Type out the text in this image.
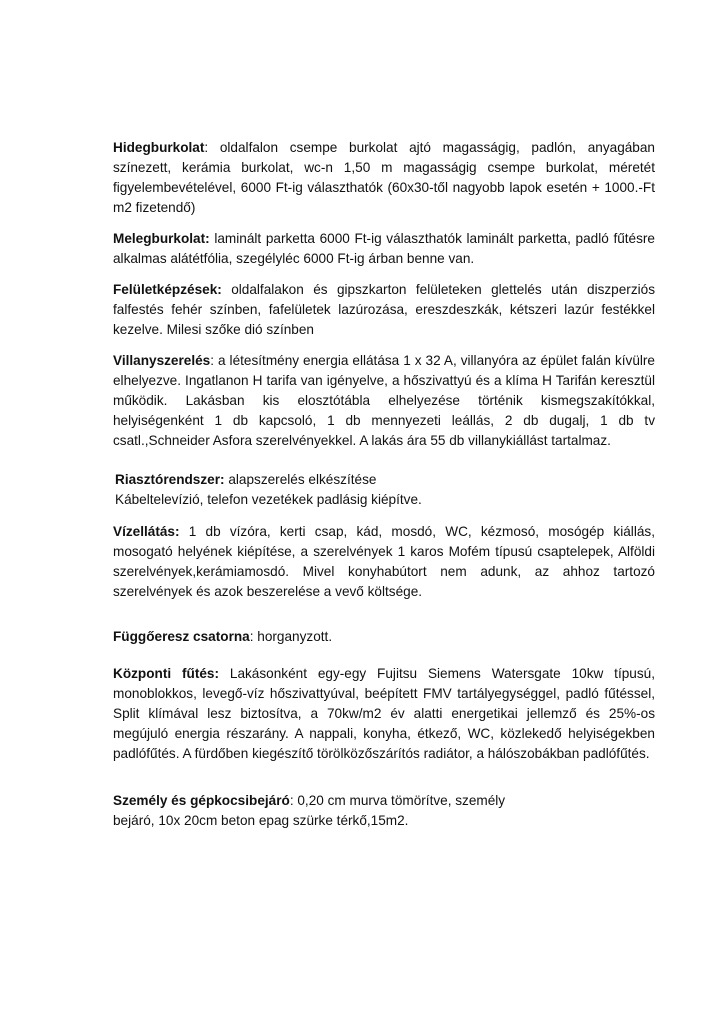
Hidegburkolat: oldalfalon csempe burkolat ajtó magasságig, padlón, anyagában színezett, kerámia burkolat, wc-n 1,50 m magasságig csempe burkolat, méretét figyelembevételével, 6000 Ft-ig választhatók (60x30-től nagyobb lapok esetén + 1000.-Ft m2 fizetendő)

Melegburkolat: laminált parketta 6000 Ft-ig választhatók laminált parketta, padló fűtésre alkalmas alátétfólia, szegélyléc 6000 Ft-ig árban benne van.

Felületképzések: oldalfalakon és gipszkarton felületeken glettelés után diszperziós falfestés fehér színben, fafelületek lazúrozása, ereszdeszkák, kétszeri lazúr festékkel kezelve. Milesi szőke dió színben

Villanyszerelés: a létesítmény energia ellátása 1 x 32 A, villanyóra az épület falán kívülre elhelyezve. Ingatlanon H tarifa van igényelve, a hőszivattyú és a klíma H Tarifán keresztül működik. Lakásban kis elosztótábla elhelyezése történik kismegszakítókkal, helyiségenként 1 db kapcsoló, 1 db mennyezeti leállás, 2 db dugalj, 1 db tv csatl.,Schneider Asfora szerelvényekkel. A lakás ára 55 db villanykiállást tartalmaz.

Riasztórendszer: alapszerelés elkészítése
Kábeltelevízió, telefon vezetékek padlásig kiépítve.

Vízellátás: 1 db vízóra, kerti csap, kád, mosdó, WC, kézmosó, mosógép kiállás, mosogató helyének kiépítése, a szerelvények 1 karos Mofém típusú csaptelepek, Alföldi szerelvények,kerámiamosdó. Mivel konyhabútort nem adunk, az ahhoz tartozó szerelvények és azok beszerelése a vevő költsége.

Függőeresz csatorna: horganyzott.

Központi fűtés: Lakásonként egy-egy Fujitsu Siemens Watersgate 10kw típusú, monoblokkos, levegő-víz hőszivattyúval, beépített FMV tartályegységgel, padló fűtéssel, Split klímával lesz biztosítva, a 70kw/m2 év alatti energetikai jellemző és 25%-os megújuló energia részarány. A nappali, konyha, étkező, WC, közlekedő helyiségekben padlófűtés. A fürdőben kiegészítő törölközőszárítós radiátor, a hálószobákban padlófűtés.

Személy és gépkocsibejáró: 0,20 cm murva tömörítve, személy
bejáró, 10x 20cm beton epag szürke térkő,15m2.
